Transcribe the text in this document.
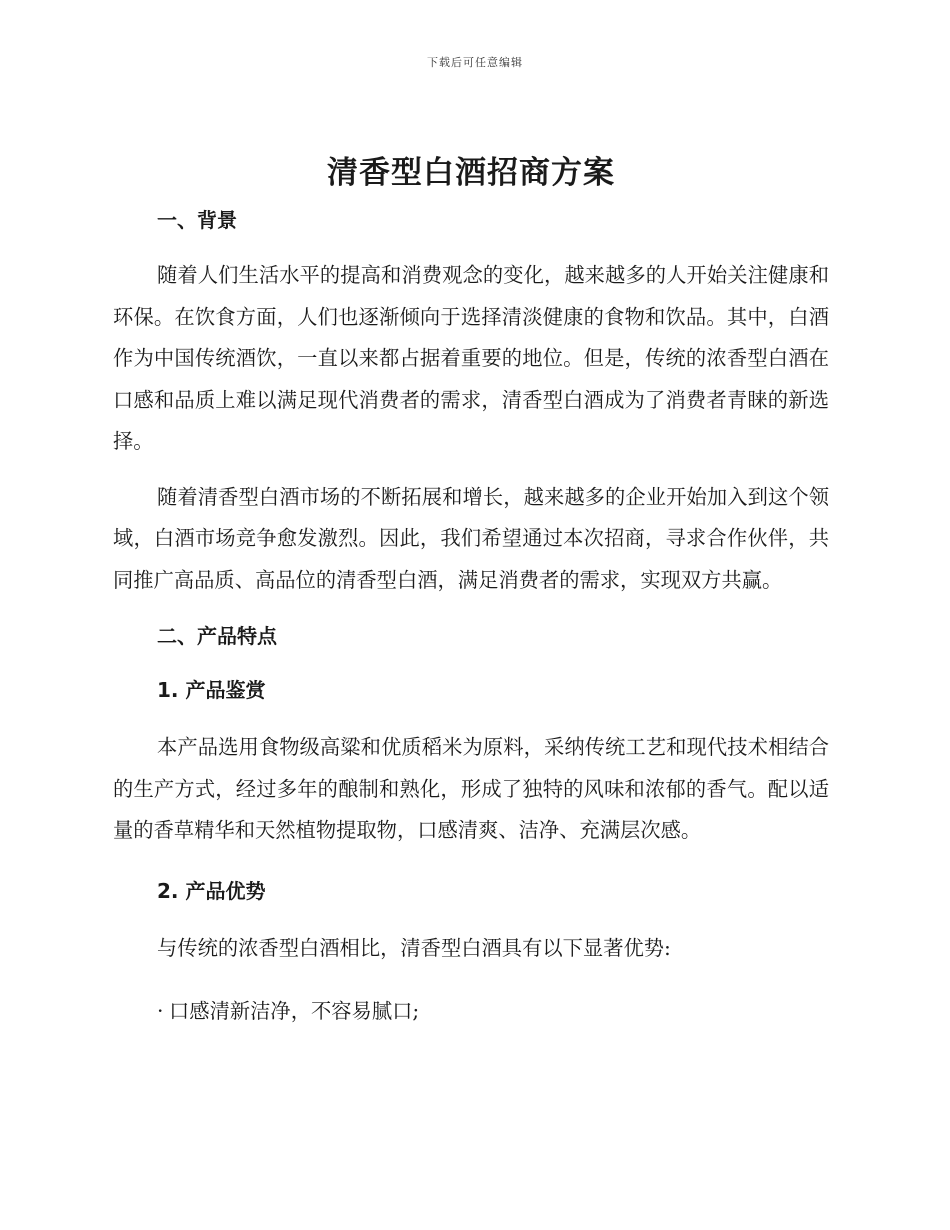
下载后可任意编辑
清香型白酒招商方案
一、背景

随着人们生活水平的提高和消费观念的变化，越来越多的人开始关注健康和环保。在饮食方面，人们也逐渐倾向于选择清淡健康的食物和饮品。其中，白酒作为中国传统酒饮，一直以来都占据着重要的地位。但是，传统的浓香型白酒在口感和品质上难以满足现代消费者的需求，清香型白酒成为了消费者青睐的新选择。

随着清香型白酒市场的不断拓展和增长，越来越多的企业开始加入到这个领域，白酒市场竞争愈发激烈。因此，我们希望通过本次招商，寻求合作伙伴，共同推广高品质、高品位的清香型白酒，满足消费者的需求，实现双方共赢。

二、产品特点
1. 产品鉴赏

本产品选用食物级高粱和优质稻米为原料，采纳传统工艺和现代技术相结合的生产方式，经过多年的酿制和熟化，形成了独特的风味和浓郁的香气。配以适量的香草精华和天然植物提取物，口感清爽、洁净、充满层次感。

2. 产品优势

与传统的浓香型白酒相比，清香型白酒具有以下显著优势:

· 口感清新洁净，不容易腻口;
